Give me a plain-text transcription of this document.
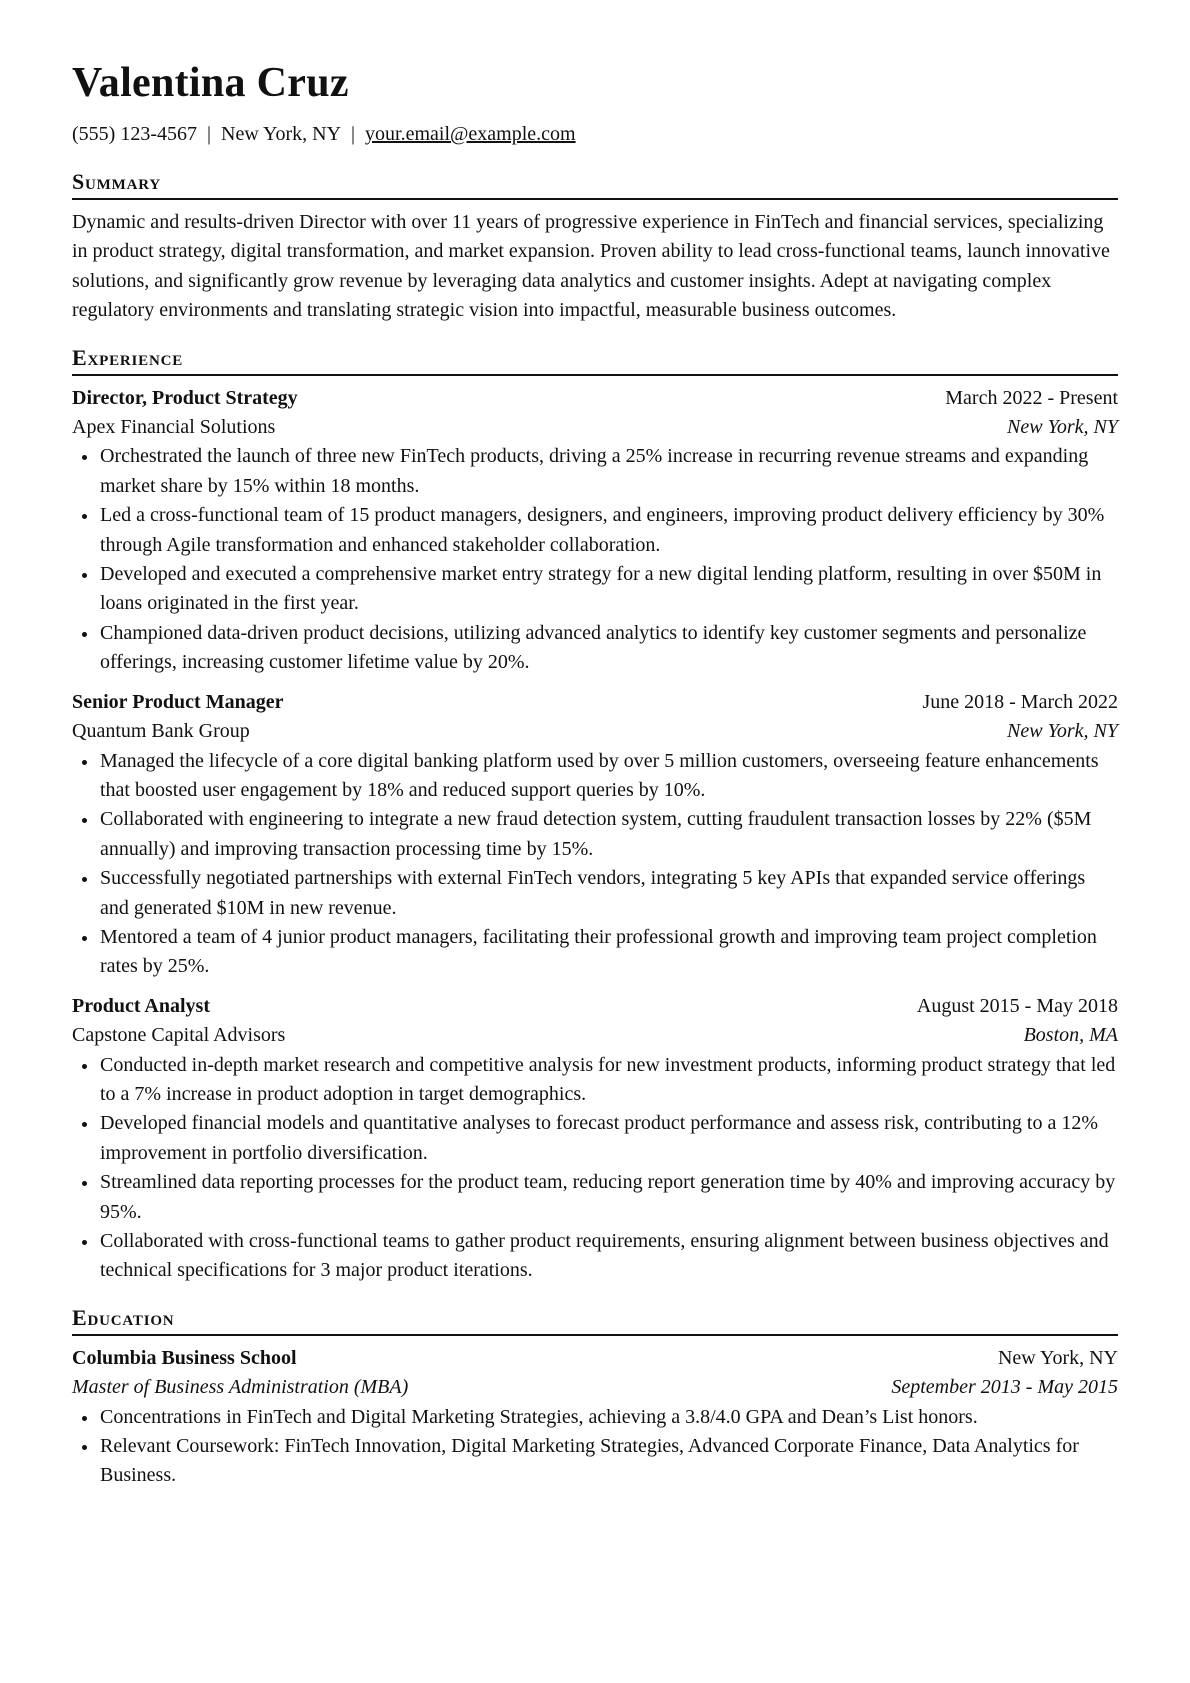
Valentina Cruz
(555) 123-4567 | New York, NY | your.email@example.com
Summary
Dynamic and results-driven Director with over 11 years of progressive experience in FinTech and financial services, specializing in product strategy, digital transformation, and market expansion. Proven ability to lead cross-functional teams, launch innovative solutions, and significantly grow revenue by leveraging data analytics and customer insights. Adept at navigating complex regulatory environments and translating strategic vision into impactful, measurable business outcomes.
Experience
Director, Product Strategy	March 2022 - Present
Apex Financial Solutions	New York, NY
Orchestrated the launch of three new FinTech products, driving a 25% increase in recurring revenue streams and expanding market share by 15% within 18 months.
Led a cross-functional team of 15 product managers, designers, and engineers, improving product delivery efficiency by 30% through Agile transformation and enhanced stakeholder collaboration.
Developed and executed a comprehensive market entry strategy for a new digital lending platform, resulting in over $50M in loans originated in the first year.
Championed data-driven product decisions, utilizing advanced analytics to identify key customer segments and personalize offerings, increasing customer lifetime value by 20%.
Senior Product Manager	June 2018 - March 2022
Quantum Bank Group	New York, NY
Managed the lifecycle of a core digital banking platform used by over 5 million customers, overseeing feature enhancements that boosted user engagement by 18% and reduced support queries by 10%.
Collaborated with engineering to integrate a new fraud detection system, cutting fraudulent transaction losses by 22% ($5M annually) and improving transaction processing time by 15%.
Successfully negotiated partnerships with external FinTech vendors, integrating 5 key APIs that expanded service offerings and generated $10M in new revenue.
Mentored a team of 4 junior product managers, facilitating their professional growth and improving team project completion rates by 25%.
Product Analyst	August 2015 - May 2018
Capstone Capital Advisors	Boston, MA
Conducted in-depth market research and competitive analysis for new investment products, informing product strategy that led to a 7% increase in product adoption in target demographics.
Developed financial models and quantitative analyses to forecast product performance and assess risk, contributing to a 12% improvement in portfolio diversification.
Streamlined data reporting processes for the product team, reducing report generation time by 40% and improving accuracy by 95%.
Collaborated with cross-functional teams to gather product requirements, ensuring alignment between business objectives and technical specifications for 3 major product iterations.
Education
Columbia Business School	New York, NY
Master of Business Administration (MBA)	September 2013 - May 2015
Concentrations in FinTech and Digital Marketing Strategies, achieving a 3.8/4.0 GPA and Dean’s List honors.
Relevant Coursework: FinTech Innovation, Digital Marketing Strategies, Advanced Corporate Finance, Data Analytics for Business.
